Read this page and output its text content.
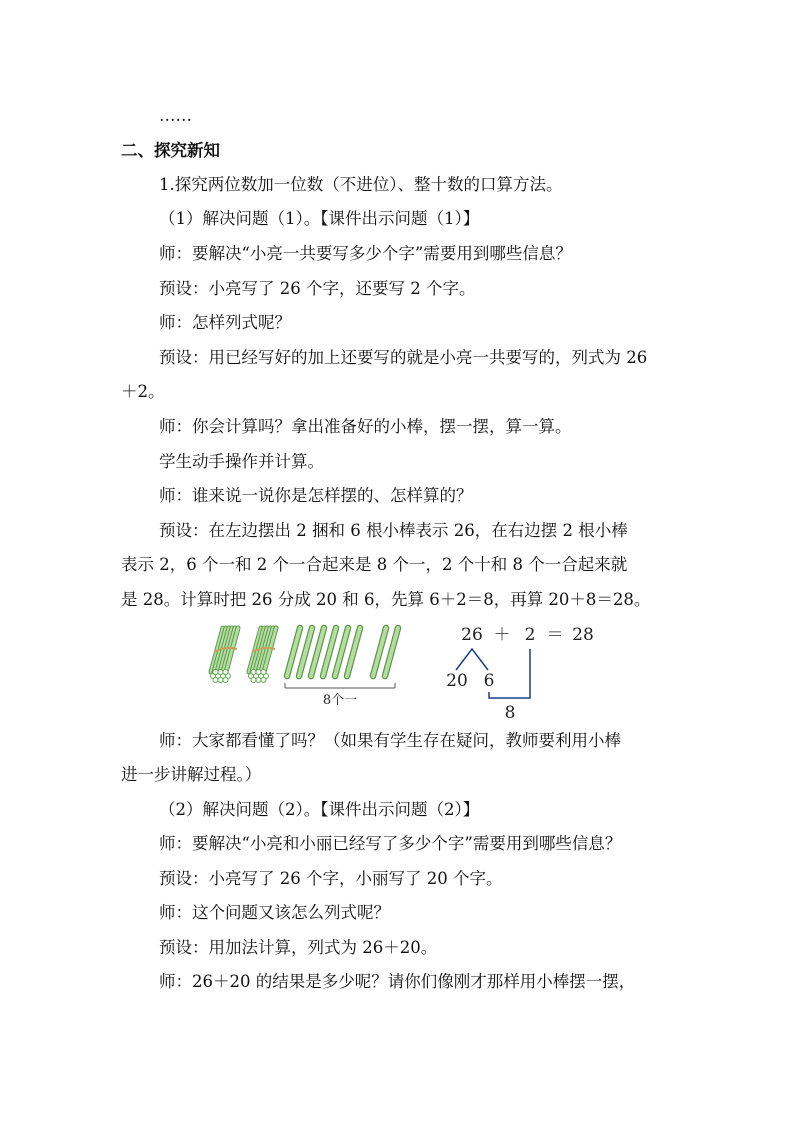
……
二、探究新知
1.探究两位数加一位数（不进位）、整十数的口算方法。
（1）解决问题（1）。【课件出示问题（1）】
师：要解决“小亮一共要写多少个字”需要用到哪些信息？
预设：小亮写了 26 个字，还要写 2 个字。
师：怎样列式呢？
预设：用已经写好的加上还要写的就是小亮一共要写的，列式为 26
＋2。
师：你会计算吗？拿出准备好的小棒，摆一摆，算一算。
学生动手操作并计算。
师：谁来说一说你是怎样摆的、怎样算的？
预设：在左边摆出 2 捆和 6 根小棒表示 26，在右边摆 2 根小棒
表示 2，6 个一和 2 个一合起来是 8 个一，2 个十和 8 个一合起来就
是 28。计算时把 26 分成 20 和 6，先算 6＋2＝8，再算 20＋8＝28。
8个一
26 ＋ 2 ＝ 28
20 6
8
师：大家都看懂了吗？（如果有学生存在疑问，教师要利用小棒
进一步讲解过程。）
（2）解决问题（2）。【课件出示问题（2）】
师：要解决“小亮和小丽已经写了多少个字”需要用到哪些信息？
预设：小亮写了 26 个字，小丽写了 20 个字。
师：这个问题又该怎么列式呢？
预设：用加法计算，列式为 26＋20。
师：26＋20 的结果是多少呢？请你们像刚才那样用小棒摆一摆，
